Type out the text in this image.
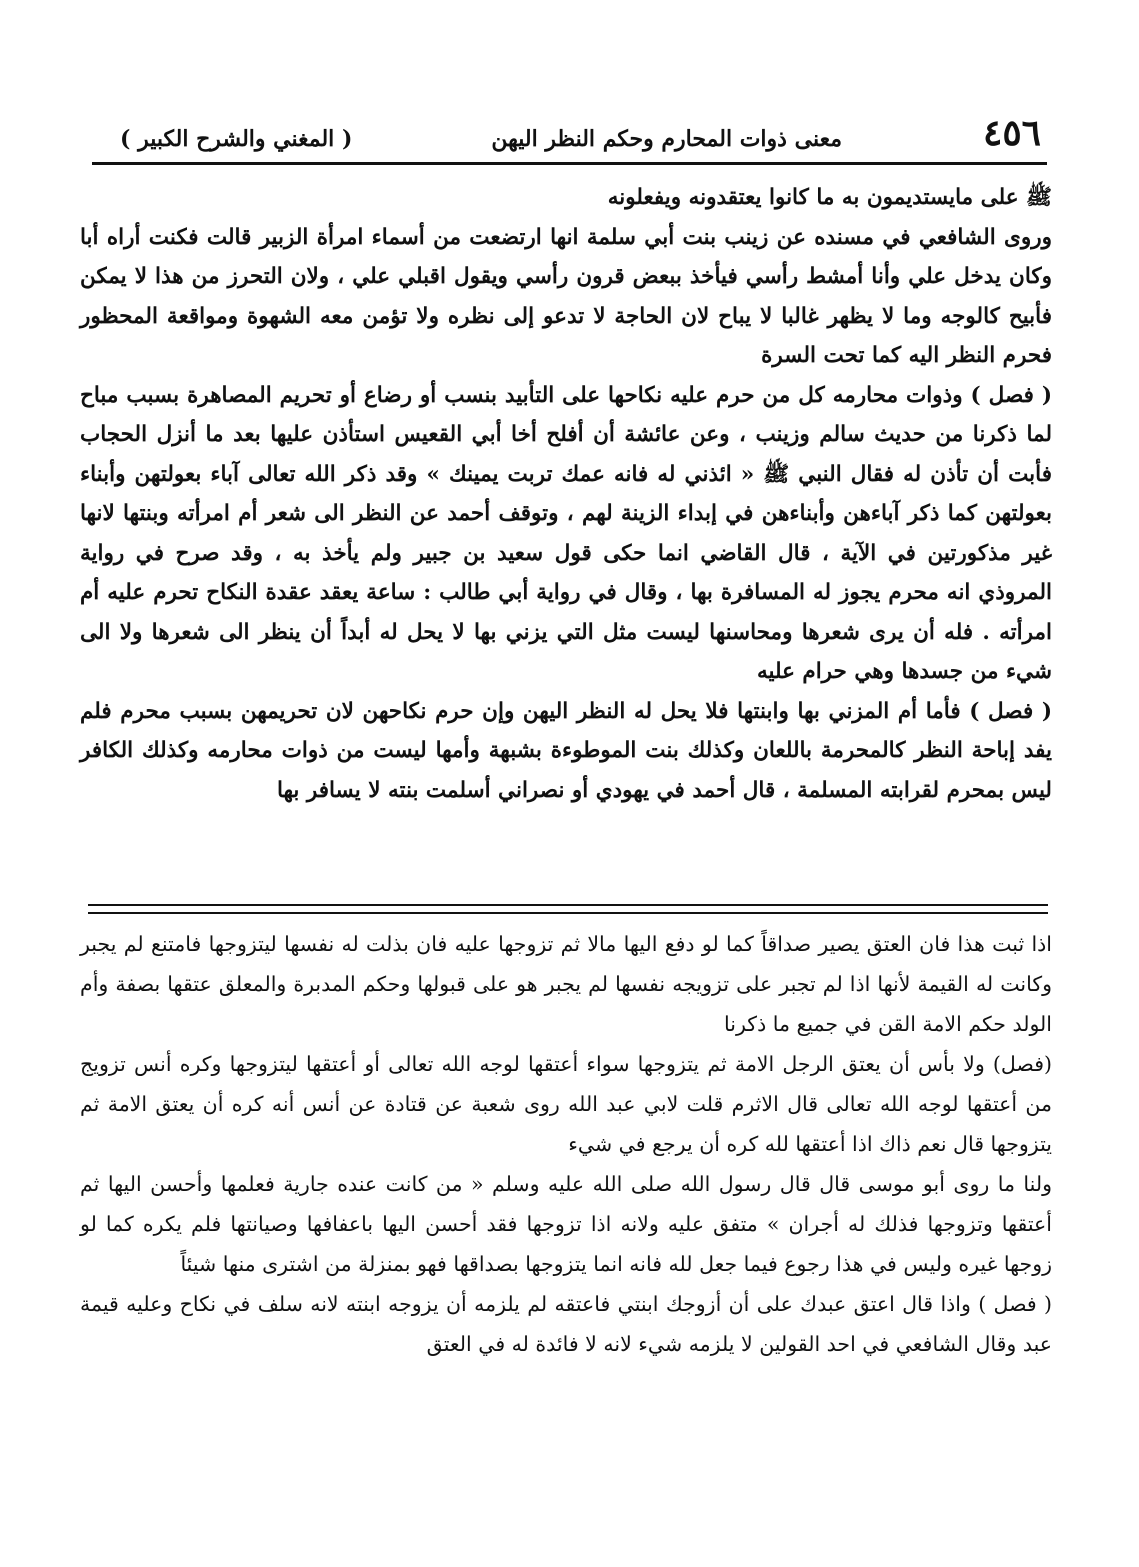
٤٥٦
معنى ذوات المحارم وحكم النظر اليهن
( المغني والشرح الكبير )

ﷺ على مايستديمون به ما كانوا يعتقدونه ويفعلونه

وروى الشافعي في مسنده عن زينب بنت أبي سلمة انها ارتضعت من أسماء امرأة الزبير قالت فكنت أراه أبا وكان يدخل علي وأنا أمشط رأسي فيأخذ ببعض قرون رأسي ويقول اقبلي علي ، ولان التحرز من هذا لا يمكن فأبيح كالوجه وما لا يظهر غالبا لا يباح لان الحاجة لا تدعو إلى نظره ولا تؤمن معه الشهوة ومواقعة المحظور فحرم النظر اليه كما تحت السرة

( فصل ) وذوات محارمه كل من حرم عليه نكاحها على التأبيد بنسب أو رضاع أو تحريم المصاهرة بسبب مباح لما ذكرنا من حديث سالم وزينب ، وعن عائشة أن أفلح أخا أبي القعيس استأذن عليها بعد ما أنزل الحجاب فأبت أن تأذن له فقال النبي ﷺ « ائذني له فانه عمك تربت يمينك » وقد ذكر الله تعالى آباء بعولتهن وأبناء بعولتهن كما ذكر آباءهن وأبناءهن في إبداء الزينة لهم ، وتوقف أحمد عن النظر الى شعر أم امرأته وبنتها لانها غير مذكورتين في الآية ، قال القاضي انما حكى قول سعيد بن جبير ولم يأخذ به ، وقد صرح في رواية المروذي انه محرم يجوز له المسافرة بها ، وقال في رواية أبي طالب : ساعة يعقد عقدة النكاح تحرم عليه أم امرأته . فله أن يرى شعرها ومحاسنها ليست مثل التي يزني بها لا يحل له أبداً أن ينظر الى شعرها ولا الى شيء من جسدها وهي حرام عليه

( فصل ) فأما أم المزني بها وابنتها فلا يحل له النظر اليهن وإن حرم نكاحهن لان تحريمهن بسبب محرم فلم يفد إباحة النظر كالمحرمة باللعان وكذلك بنت الموطوءة بشبهة وأمها ليست من ذوات محارمه وكذلك الكافر ليس بمحرم لقرابته المسلمة ، قال أحمد في يهودي أو نصراني أسلمت بنته لا يسافر بها

اذا ثبت هذا فان العتق يصير صداقاً كما لو دفع اليها مالا ثم تزوجها عليه فان بذلت له نفسها ليتزوجها فامتنع لم يجبر وكانت له القيمة لأنها اذا لم تجبر على تزويجه نفسها لم يجبر هو على قبولها وحكم المدبرة والمعلق عتقها بصفة وأم الولد حكم الامة القن في جميع ما ذكرنا

(فصل) ولا بأس أن يعتق الرجل الامة ثم يتزوجها سواء أعتقها لوجه الله تعالى أو أعتقها ليتزوجها وكره أنس تزويج من أعتقها لوجه الله تعالى قال الاثرم قلت لابي عبد الله روى شعبة عن قتادة عن أنس أنه كره أن يعتق الامة ثم يتزوجها قال نعم ذاك اذا أعتقها لله كره أن يرجع في شيء

ولنا ما روى أبو موسى قال قال رسول الله صلى الله عليه وسلم « من كانت عنده جارية فعلمها وأحسن اليها ثم أعتقها وتزوجها فذلك له أجران » متفق عليه ولانه اذا تزوجها فقد أحسن اليها باعفافها وصيانتها فلم يكره كما لو زوجها غيره وليس في هذا رجوع فيما جعل لله فانه انما يتزوجها بصداقها فهو بمنزلة من اشترى منها شيئاً

( فصل ) واذا قال اعتق عبدك على أن أزوجك ابنتي فاعتقه لم يلزمه أن يزوجه ابنته لانه سلف في نكاح وعليه قيمة عبد وقال الشافعي في احد القولين لا يلزمه شيء لانه لا فائدة له في العتق
